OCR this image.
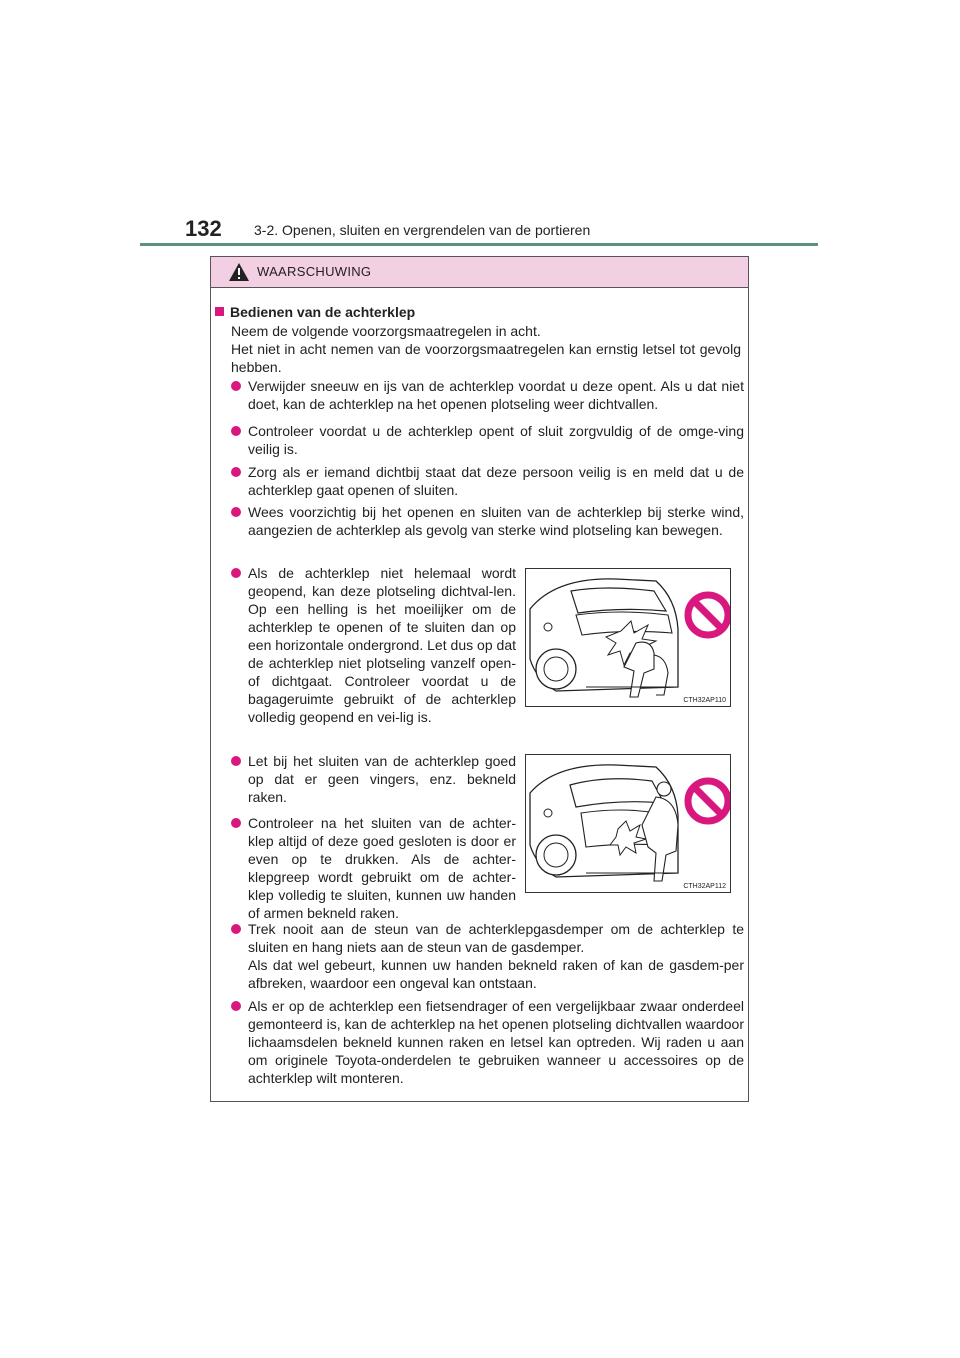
132 3-2. Openen, sluiten en vergrendelen van de portieren
WAARSCHUWING
Bedienen van de achterklep
Neem de volgende voorzorgsmaatregelen in acht.
Het niet in acht nemen van de voorzorgsmaatregelen kan ernstig letsel tot gevolg hebben.
Verwijder sneeuw en ijs van de achterklep voordat u deze opent. Als u dat niet doet, kan de achterklep na het openen plotseling weer dichtvallen.
Controleer voordat u de achterklep opent of sluit zorgvuldig of de omge-ving veilig is.
Zorg als er iemand dichtbij staat dat deze persoon veilig is en meld dat u de achterklep gaat openen of sluiten.
Wees voorzichtig bij het openen en sluiten van de achterklep bij sterke wind, aangezien de achterklep als gevolg van sterke wind plotseling kan bewegen.
Als de achterklep niet helemaal wordt geopend, kan deze plotseling dichtval-len. Op een helling is het moeilijker om de achterklep te openen of te sluiten dan op een horizontale ondergrond. Let dus op dat de achterklep niet plotseling vanzelf open- of dichtgaat. Controleer voordat u de bagageruimte gebruikt of de achterklep volledig geopend en vei-lig is.
CTH32AP110
Let bij het sluiten van de achterklep goed op dat er geen vingers, enz. bekneld raken.
Controleer na het sluiten van de achter-klep altijd of deze goed gesloten is door er even op te drukken. Als de achter-klepgreep wordt gebruikt om de achter-klep volledig te sluiten, kunnen uw handen of armen bekneld raken.
CTH32AP112
Trek nooit aan de steun van de achterklepgasdemper om de achterklep te sluiten en hang niets aan de steun van de gasdemper.
Als dat wel gebeurt, kunnen uw handen bekneld raken of kan de gasdem-per afbreken, waardoor een ongeval kan ontstaan.
Als er op de achterklep een fietsendrager of een vergelijkbaar zwaar onderdeel gemonteerd is, kan de achterklep na het openen plotseling dichtvallen waardoor lichaamsdelen bekneld kunnen raken en letsel kan optreden. Wij raden u aan om originele Toyota-onderdelen te gebruiken wanneer u accessoires op de achterklep wilt monteren.
